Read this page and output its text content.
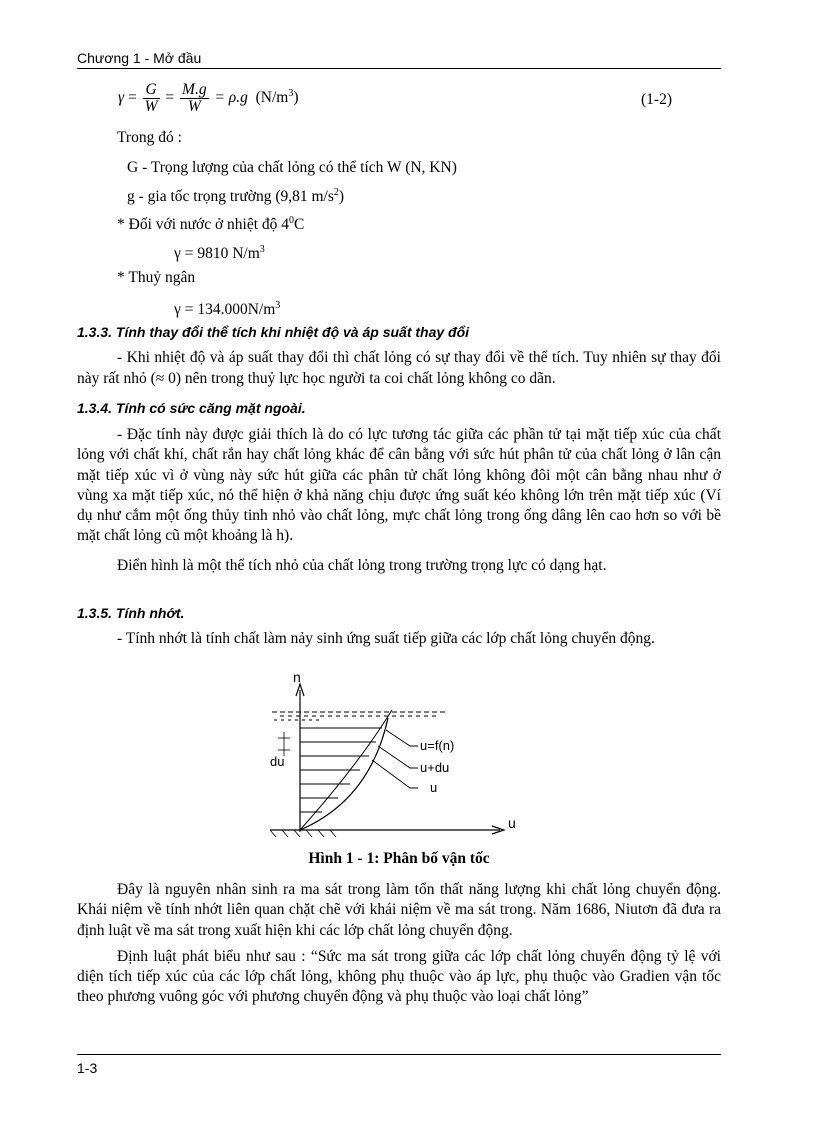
Chương 1 - Mở đầu
$\gamma = \frac{G}{W} = \frac{M.g}{W} = \rho.g$ $(N/m^3)$	(1-2)
Trong đó :
G - Trọng lượng của chất lỏng có thể tích W (N, KN)
g - gia tốc trọng trường (9,81 $m/s^2$)
* Đối với nước ở nhiệt độ $4^0C$
γ = 9810 $N/m^3$
* Thuỷ ngân
$\gamma = 134.000N/m^3$
1.3.3. Tính thay đổi thể tích khi nhiệt độ và áp suất thay đổi

- Khi nhiệt độ và áp suất thay đổi thì chất lỏng có sự thay đổi về thể tích. Tuy nhiên sự thay đổi này rất nhỏ (≈ 0) nên trong thuỷ lực học người ta coi chất lỏng không co dãn.

1.3.4. Tính có sức căng mặt ngoài.

- Đặc tính này được giải thích là do có lực tương tác giữa các phần tử tại mặt tiếp xúc của chất lỏng với chất khí, chất rắn hay chất lỏng khác để cân bằng với sức hút phân tử của chất lỏng ở lân cận mặt tiếp xúc vì ở vùng này sức hút giữa các phân tử chất lỏng không đôi một cân bằng nhau như ở vùng xa mặt tiếp xúc, nó thể hiện ở khả năng chịu được ứng suất kéo không lớn trên mặt tiếp xúc (Ví dụ như cắm một ống thủy tinh nhỏ vào chất lỏng, mực chất lỏng trong ống dâng lên cao hơn so với bề mặt chất lỏng cũ một khoảng là h).

Điển hình là một thể tích nhỏ của chất lỏng trong trường trọng lực có dạng hạt.

1.3.5. Tính nhớt.

- Tính nhớt là tính chất làm nảy sinh ứng suất tiếp giữa các lớp chất lỏng chuyển động.

n
u
du
u=f(n)
u+du
u
Hình 1 - 1: Phân bố vận tốc

Đây là nguyên nhân sinh ra ma sát trong làm tổn thất năng lượng khi chất lỏng chuyển động. Khái niệm về tính nhớt liên quan chặt chẽ với khái niệm về ma sát trong. Năm 1686, Niutơn đã đưa ra định luật về ma sát trong xuất hiện khi các lớp chất lỏng chuyển động.

Định luật phát biểu như sau : “Sức ma sát trong giữa các lớp chất lỏng chuyển động tỷ lệ với diện tích tiếp xúc của các lớp chất lỏng, không phụ thuộc vào áp lực, phụ thuộc vào Gradien vận tốc theo phương vuông góc với phương chuyển động và phụ thuộc vào loại chất lỏng”

1-3
